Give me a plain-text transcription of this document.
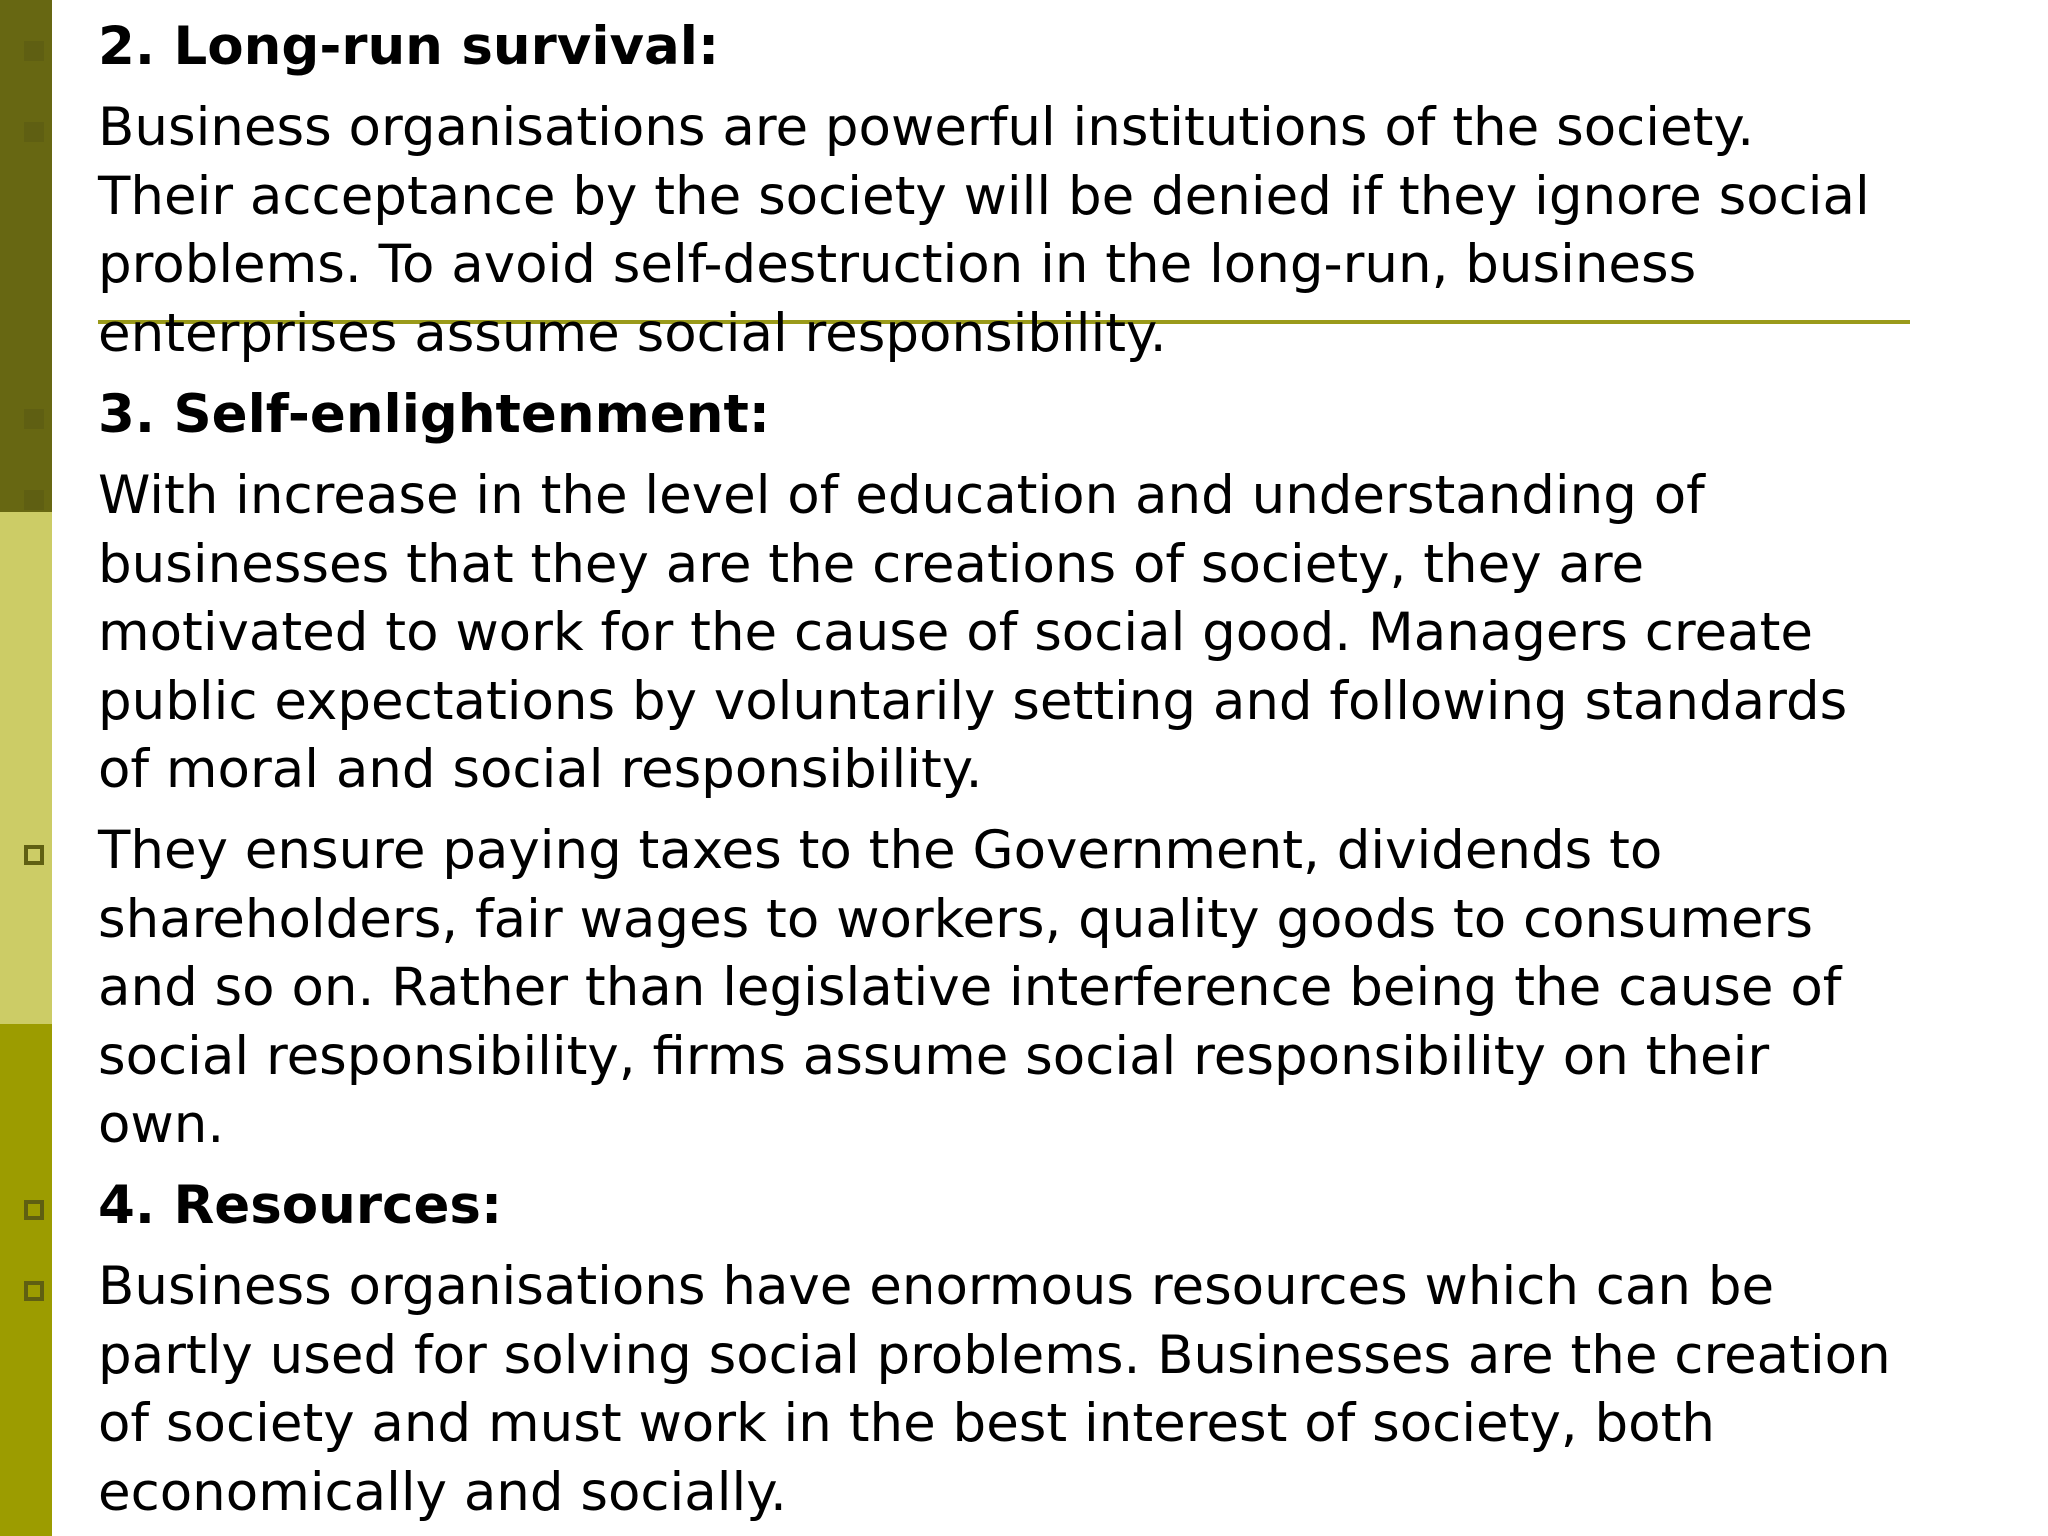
2. Long-run survival:

Business organisations are powerful institutions of the society.
Their acceptance by the society will be denied if they ignore social
problems. To avoid self-destruction in the long-run, business
enterprises assume social responsibility.

3. Self-enlightenment:

With increase in the level of education and understanding of
businesses that they are the creations of society, they are
motivated to work for the cause of social good. Managers create
public expectations by voluntarily setting and following standards
of moral and social responsibility.

They ensure paying taxes to the Government, dividends to
shareholders, fair wages to workers, quality goods to consumers
and so on. Rather than legislative interference being the cause of
social responsibility, firms assume social responsibility on their
own.

4. Resources:

Business organisations have enormous resources which can be
partly used for solving social problems. Businesses are the creation
of society and must work in the best interest of society, both
economically and socially.
